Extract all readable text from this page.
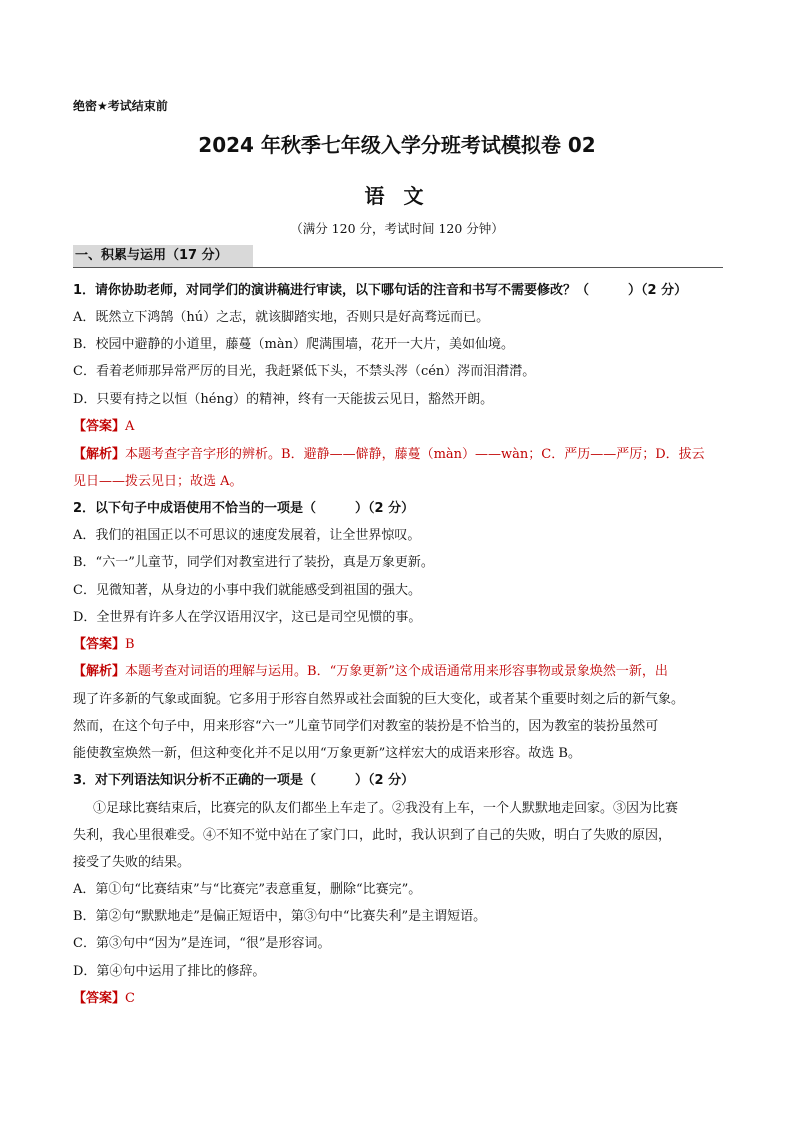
绝密★考试结束前
2024 年秋季七年级入学分班考试模拟卷 02
语 文
（满分 120 分，考试时间 120 分钟）
一、积累与运用（17 分）
1．请你协助老师，对同学们的演讲稿进行审读，以下哪句话的注音和书写不需要修改？（　　　）（2 分）
A．既然立下鸿鹄（hú）之志，就该脚踏实地，否则只是好高骛远而已。
B．校园中避静的小道里，藤蔓（màn）爬满围墙，花开一大片，美如仙境。
C．看着老师那异常严厉的目光，我赶紧低下头，不禁头涔（cén）涔而泪潸潸。
D．只要有持之以恒（héng）的精神，终有一天能拔云见日，豁然开朗。
【答案】A
【解析】本题考查字音字形的辨析。B．避静——僻静，藤蔓（màn）——wàn；C．严历——严厉；D．拔云
见日——拨云见日；故选 A。
2．以下句子中成语使用不恰当的一项是（　　　）（2 分）
A．我们的祖国正以不可思议的速度发展着，让全世界惊叹。
B．“六一”儿童节，同学们对教室进行了装扮，真是万象更新。
C．见微知著，从身边的小事中我们就能感受到祖国的强大。
D．全世界有许多人在学汉语用汉字，这已是司空见惯的事。
【答案】B
【解析】本题考查对词语的理解与运用。B．“万象更新”这个成语通常用来形容事物或景象焕然一新，出
现了许多新的气象或面貌。它多用于形容自然界或社会面貌的巨大变化，或者某个重要时刻之后的新气象。
然而，在这个句子中，用来形容“六一”儿童节同学们对教室的装扮是不恰当的，因为教室的装扮虽然可
能使教室焕然一新，但这种变化并不足以用“万象更新”这样宏大的成语来形容。故选 B。
3．对下列语法知识分析不正确的一项是（　　　）（2 分）
①足球比赛结束后，比赛完的队友们都坐上车走了。②我没有上车，一个人默默地走回家。③因为比赛
失利，我心里很难受。④不知不觉中站在了家门口，此时，我认识到了自己的失败，明白了失败的原因，
接受了失败的结果。
A．第①句“比赛结束”与“比赛完”表意重复，删除“比赛完”。
B．第②句“默默地走”是偏正短语中，第③句中“比赛失利”是主谓短语。
C．第③句中“因为”是连词，“很”是形容词。
D．第④句中运用了排比的修辞。
【答案】C
